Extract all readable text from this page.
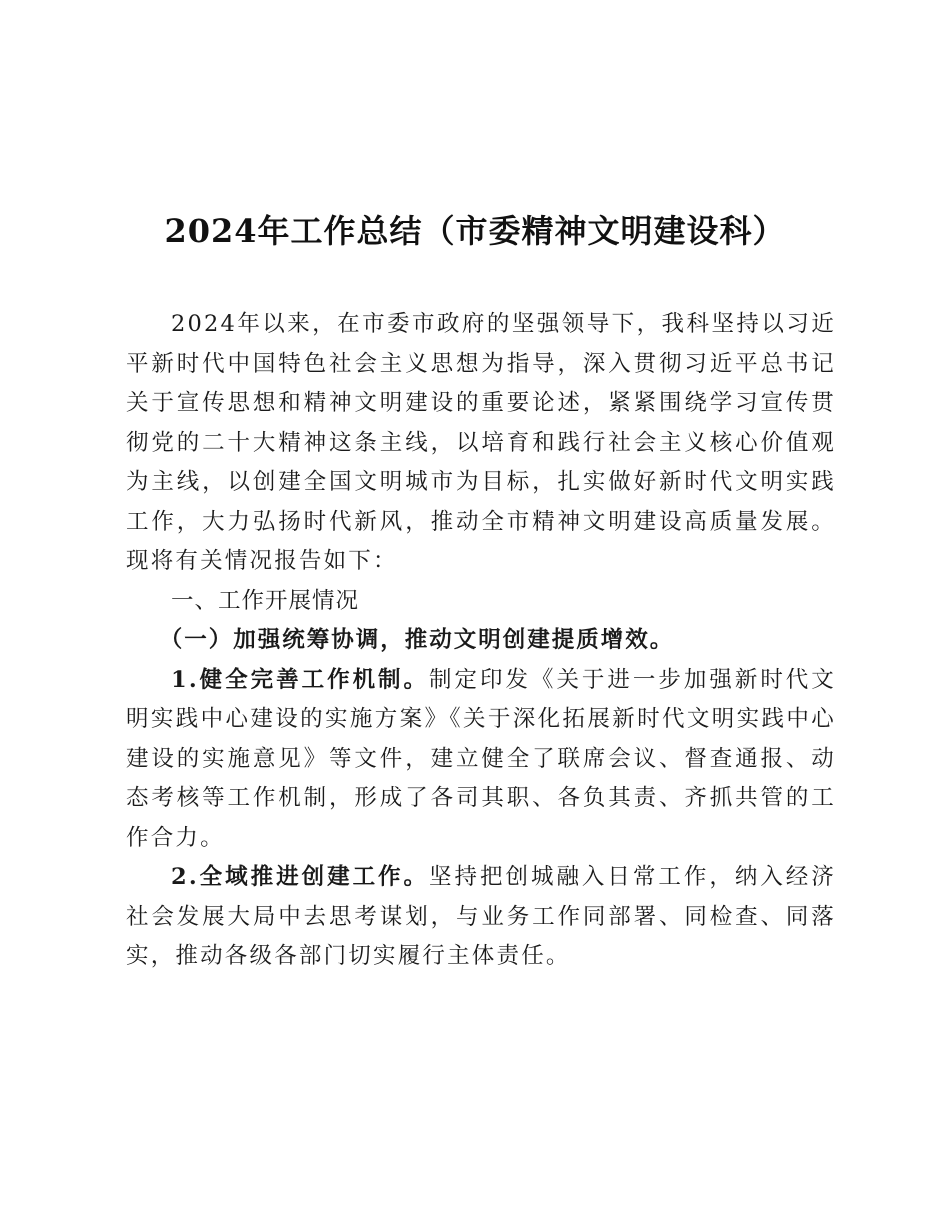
2024年工作总结（市委精神文明建设科）

2024年以来，在市委市政府的坚强领导下，我科坚持以习近平新时代中国特色社会主义思想为指导，深入贯彻习近平总书记关于宣传思想和精神文明建设的重要论述，紧紧围绕学习宣传贯彻党的二十大精神这条主线，以培育和践行社会主义核心价值观为主线，以创建全国文明城市为目标，扎实做好新时代文明实践工作，大力弘扬时代新风，推动全市精神文明建设高质量发展。现将有关情况报告如下：

一、工作开展情况

（一）加强统筹协调，推动文明创建提质增效。

1.健全完善工作机制。制定印发《关于进一步加强新时代文明实践中心建设的实施方案》《关于深化拓展新时代文明实践中心建设的实施意见》等文件，建立健全了联席会议、督查通报、动态考核等工作机制，形成了各司其职、各负其责、齐抓共管的工作合力。

2.全域推进创建工作。坚持把创城融入日常工作，纳入经济社会发展大局中去思考谋划，与业务工作同部署、同检查、同落实，推动各级各部门切实履行主体责任。
